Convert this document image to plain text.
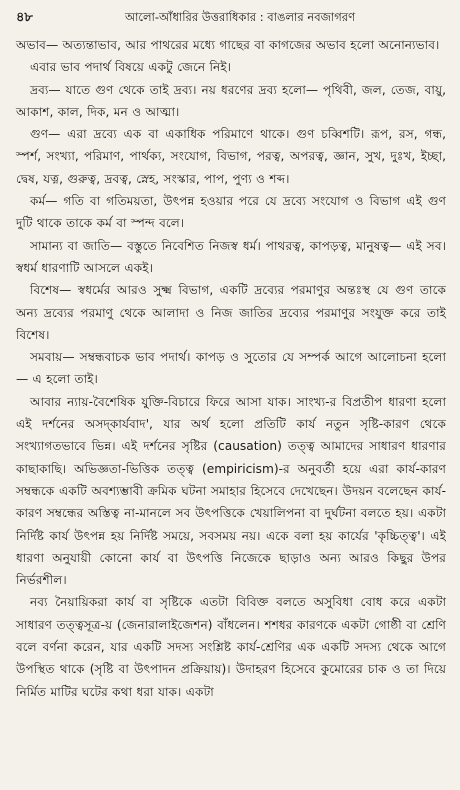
৪৮	আলো-আঁধারির উত্তরাধিকার : বাঙলার নবজাগরণ

অভাব— অত্যন্তাভাব, আর পাথরের মধ্যে গাছের বা কাগজের অভাব হলো অনোন্যভাব।

এবার ভাব পদার্থ বিষয়ে একটু জেনে নিই।

দ্রব্য— যাতে গুণ থেকে তাই দ্রব্য। নয় ধরণের দ্রব্য হলো— পৃথিবী, জল, তেজ, বায়ু, আকাশ, কাল, দিক, মন ও আত্মা।

গুণ— এরা দ্রব্যে এক বা একাধিক পরিমাণে থাকে। গুণ চব্বিশটি। রূপ, রস, গন্ধ, স্পর্শ, সংখ্যা, পরিমাণ, পার্থক্য, সংযোগ, বিভাগ, পরত্ব, অপরত্ব, জ্ঞান, সুখ, দুঃখ, ইচ্ছা, দ্বেষ, যত্ন, গুরুত্ব, দ্রবত্ব, স্নেহ, সংস্কার, পাপ, পুণ্য ও শব্দ।

কর্ম— গতি বা গতিময়তা, উৎপন্ন হওয়ার পরে যে দ্রব্যে সংযোগ ও বিভাগ এই গুণ দুটি থাকে তাকে কর্ম বা স্পন্দ বলে।

সামান্য বা জাতি— বস্তুতে নিবেশিত নিজস্ব ধর্ম। পাথরত্ব, কাপড়ত্ব, মানুষত্ব— এই সব। স্বধর্ম ধারণাটি আসলে একই।

বিশেষ— স্বধর্মের আরও সুক্ষ্ম বিভাগ, একটি দ্রব্যের পরমাণুর অন্তঃস্থ যে গুণ তাকে অন্য দ্রব্যের পরমাণু থেকে আলাদা ও নিজ জাতির দ্রব্যের পরমাণুর সংযুক্ত করে তাই বিশেষ।

সমবায়— সম্বন্ধবাচক ভাব পদার্থ। কাপড় ও সুতোর যে সম্পর্ক আগে আলোচনা হলো— এ হলো তাই।

আবার ন্যায়-বৈশেষিক যুক্তি-বিচারে ফিরে আসা যাক। সাংখ্য-র বিপ্রতীপ ধারণা হলো এই দর্শনের অসদ্‌কার্যবাদ', যার অর্থ হলো প্রতিটি কার্য নতুন সৃষ্টি-কারণ থেকে সংখ্যাগতভাবে ভিন্ন। এই দর্শনের সৃষ্টির (causation) তত্ত্ব আমাদের সাধারণ ধারণার কাছাকাছি। অভিজ্ঞতা-ভিত্তিক তত্ত্ব (empiricism)-র অনুবর্তী হয়ে এরা কার্য-কারণ সম্বন্ধকে একটি অবশ্যম্ভাবী ক্রমিক ঘটনা সমাহার হিসেবে দেখেছেন। উদয়ন বলেছেন কার্য-কারণ সম্বন্ধের অস্তিত্ব না-মানলে সব উৎপত্তিকে খেয়ালিপনা বা দুর্ঘটনা বলতে হয়। একটা নির্দিষ্ট কার্য উৎপন্ন হয় নির্দিষ্ট সময়ে, সবসময় নয়। একে বলা হয় কার্যের 'কৃচ্চিত্ত্ব'। এই ধারণা অনুযায়ী কোনো কার্য বা উৎপত্তি নিজেকে ছাড়াও অন্য আরও কিছুর উপর নির্ভরশীল।

নব্য নৈয়ায়িকরা কার্য বা সৃষ্টিকে এতটা বিবিক্ত বলতে অসুবিধা বোধ করে একটা সাধারণ তত্ত্বসূত্র-য় (জেনারালাইজেশন) বাঁধলেন। শশধর কারণকে একটা গোষ্ঠী বা শ্রেণি বলে বর্ণনা করেন, যার একটি সদস্য সংশ্লিষ্ট কার্য-শ্রেণির এক একটি সদস্য থেকে আগে উপস্থিত থাকে (সৃষ্টি বা উৎপাদন প্রক্রিয়ায়)। উদাহরণ হিসেবে কুমোরের চাক ও তা দিয়ে নির্মিত মাটির ঘটের কথা ধরা যাক। একটা
